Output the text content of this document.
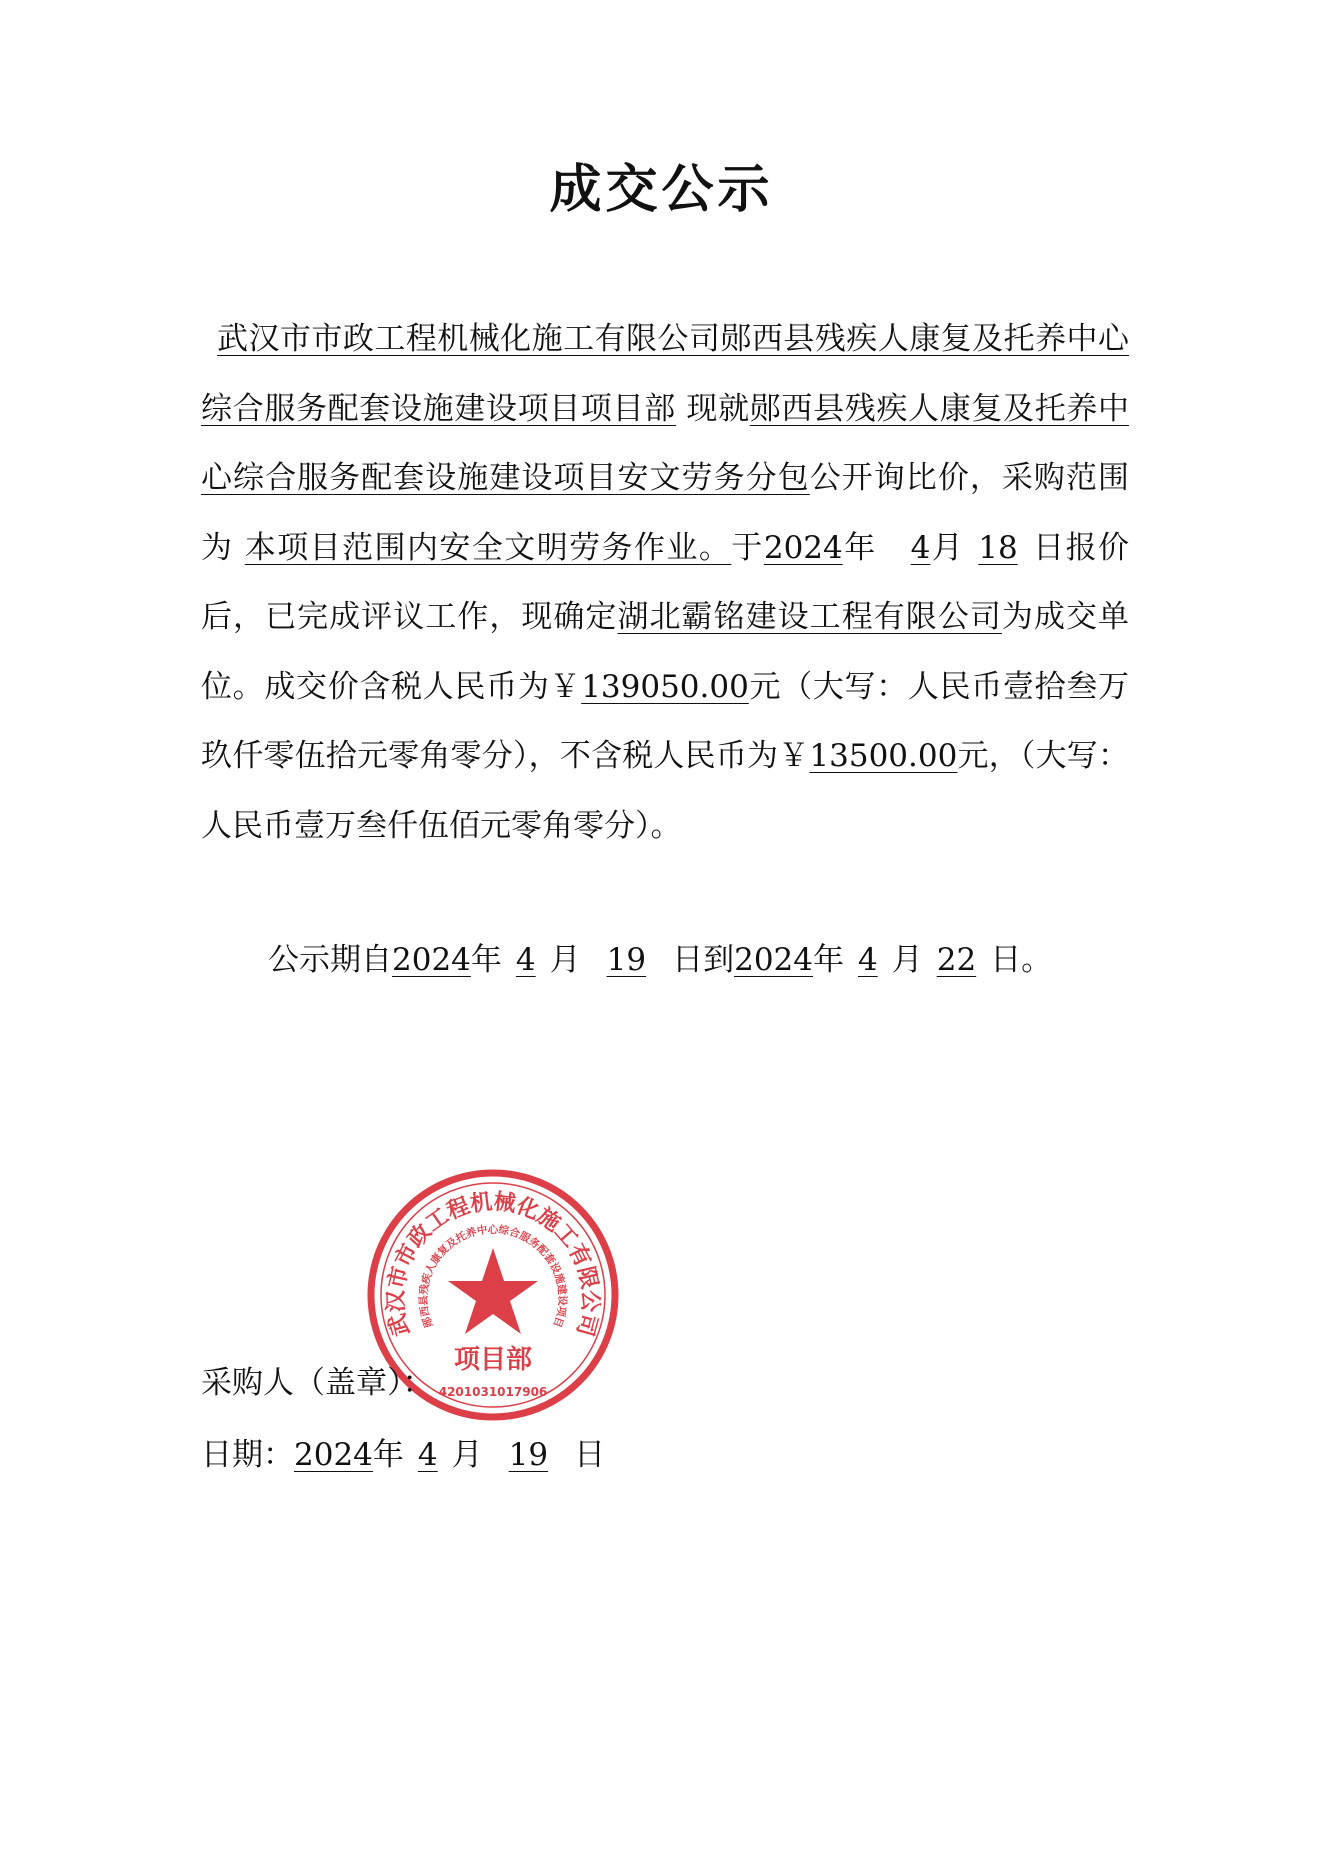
成交公示
武汉市市政工程机械化施工有限公司郧西县残疾人康复及托养中心综合服务配套设施建设项目项目部 现就郧西县残疾人康复及托养中心综合服务配套设施建设项目安文劳务分包公开询比价，采购范围为 本项目范围内安全文明劳务作业。于2024年 4月 18 日报价后，已完成评议工作，现确定湖北霸铭建设工程有限公司为成交单位。成交价含税人民币为￥139050.00元（大写：人民币壹拾叁万玖仟零伍拾元零角零分），不含税人民币为￥13500.00元，（大写：人民币壹万叁仟伍佰元零角零分）。
公示期自2024年 4 月 19 日到2024年 4 月 22 日。
武汉市市政工程机械化施工有限公司
郧西县残疾人康复及托养中心综合服务配套设施建设项目
项目部
4201031017906
采购人（盖章）：
日期：2024年 4 月 19 日
